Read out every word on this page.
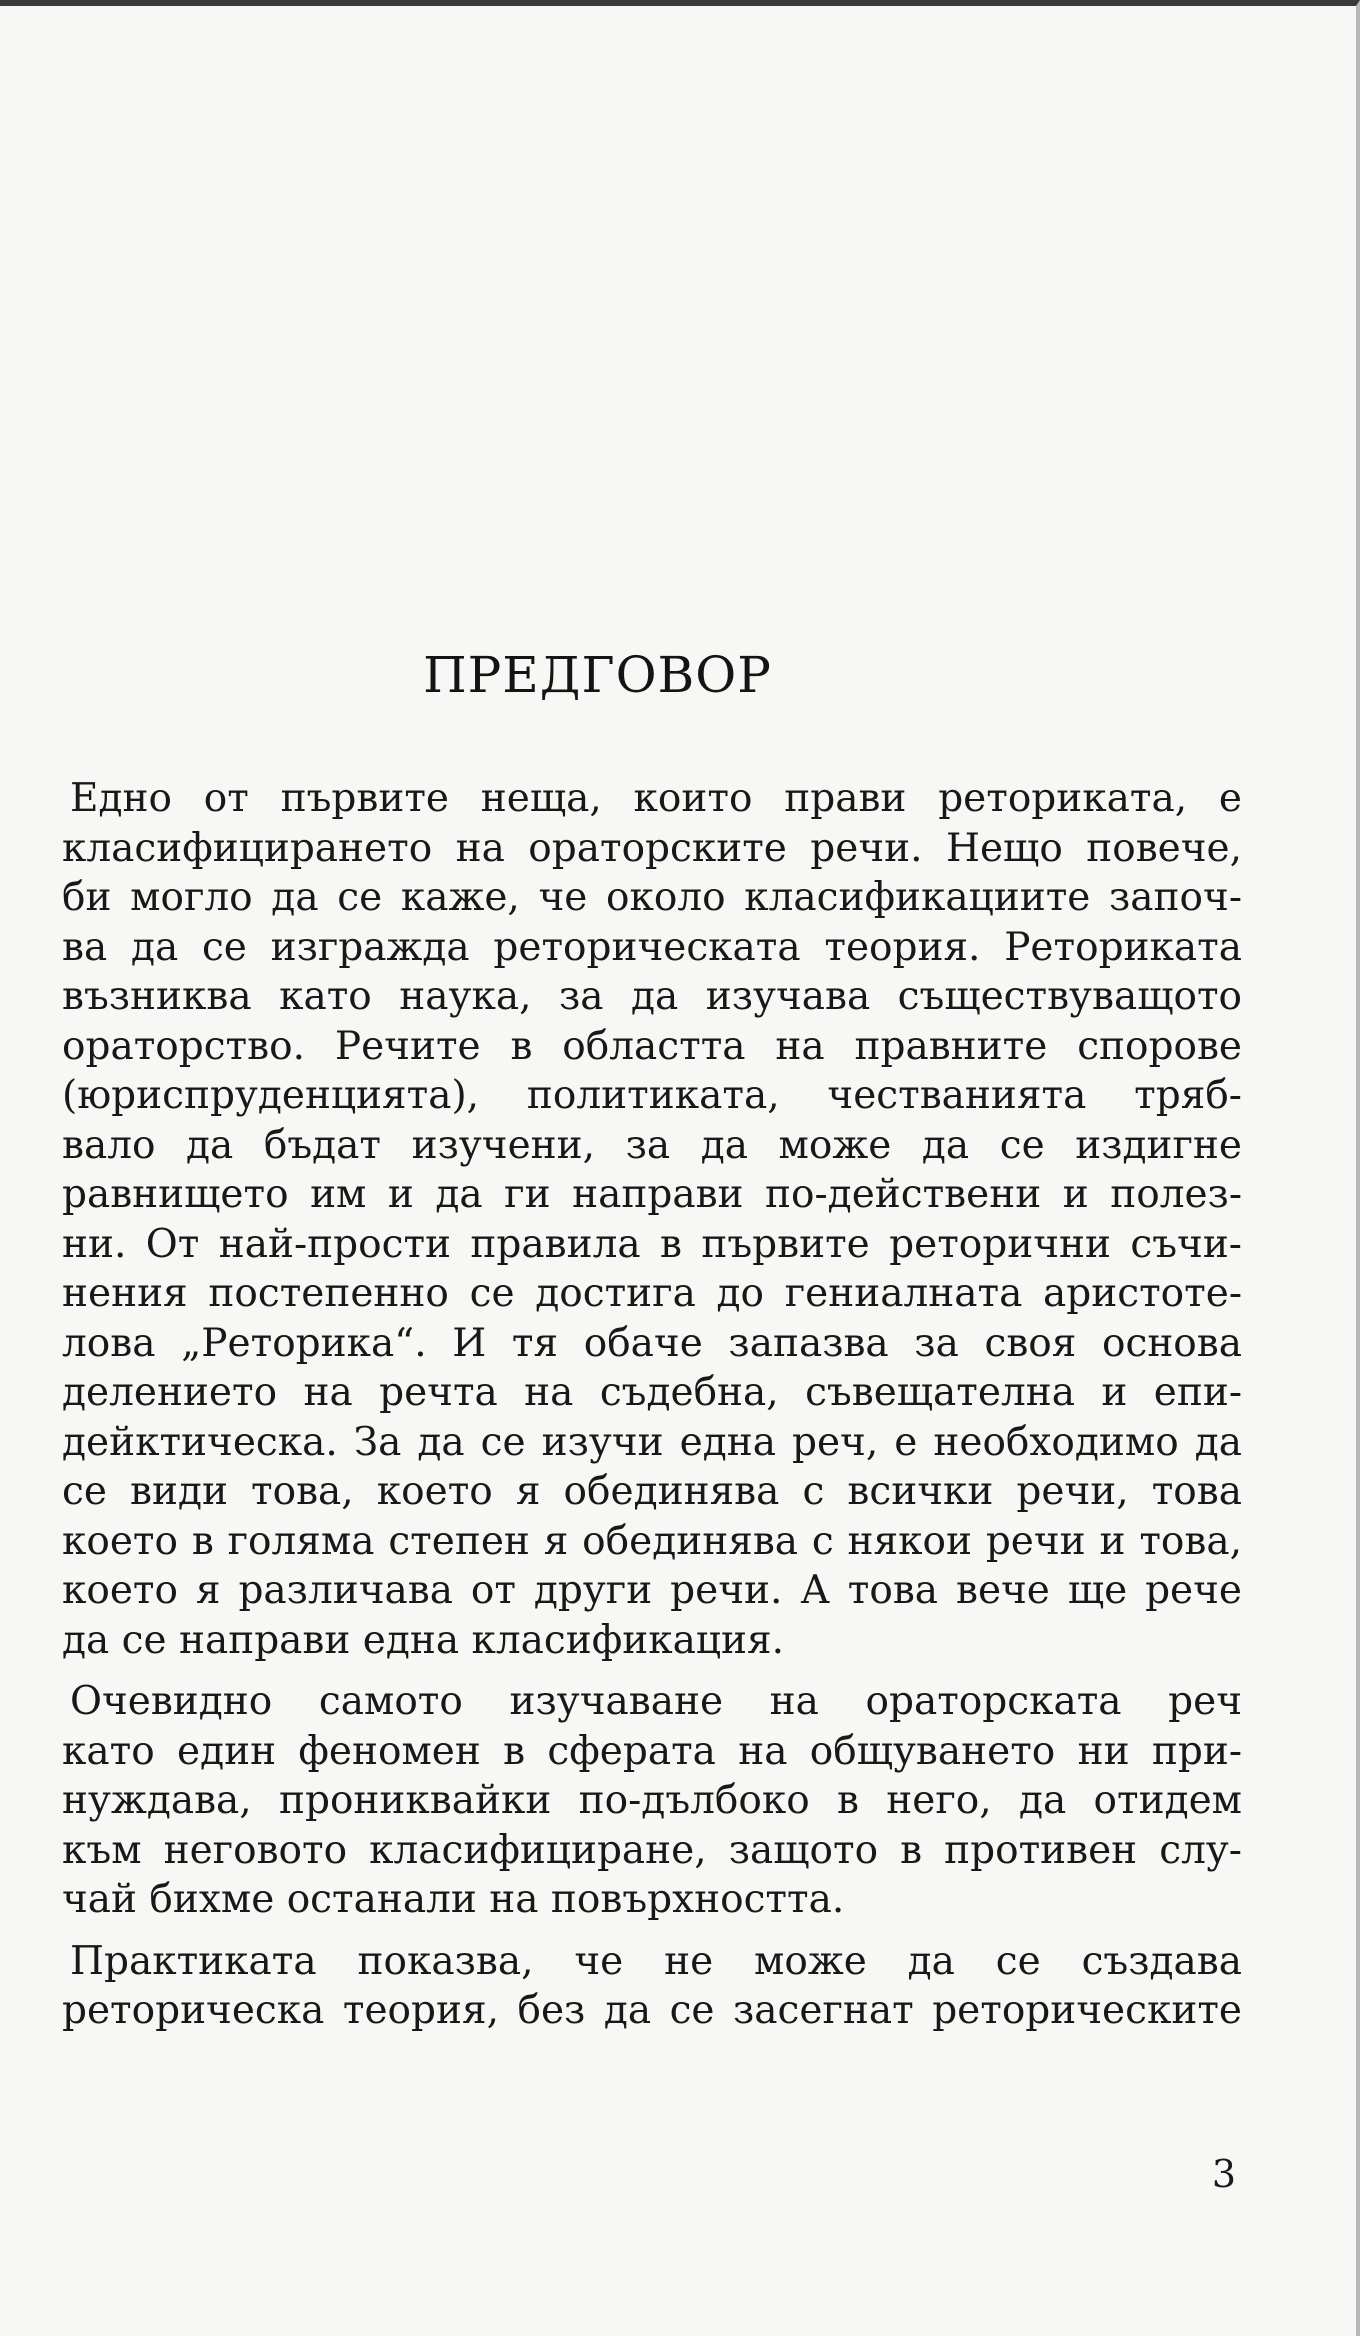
ПРЕДГОВОР
Едно от първите неща, които прави реториката, е
класифицирането на ораторските речи. Нещо повече,
би могло да се каже, че около класификациите започ-
ва да се изгражда реторическата теория. Реториката
възниква като наука, за да изучава съществуващото
ораторство. Речите в областта на правните спорове
(юриспруденцията), политиката, честванията тряб-
вало да бъдат изучени, за да може да се издигне
равнището им и да ги направи по-действени и полез-
ни. От най-прости правила в първите реторични съчи-
нения постепенно се достига до гениалната аристоте-
лова „Реторика“. И тя обаче запазва за своя основа
делението на речта на съдебна, съвещателна и епи-
дейктическа. За да се изучи една реч, е необходимо да
се види това, което я обединява с всички речи, това
което в голяма степен я обединява с някои речи и това,
което я различава от други речи. А това вече ще рече
да се направи една класификация.
Очевидно самото изучаване на ораторската реч
като един феномен в сферата на общуването ни при-
нуждава, прониквайки по-дълбоко в него, да отидем
към неговото класифициране, защото в противен слу-
чай бихме останали на повърхността.
Практиката показва, че не може да се създава
реторическа теория, без да се засегнат реторическите
3
